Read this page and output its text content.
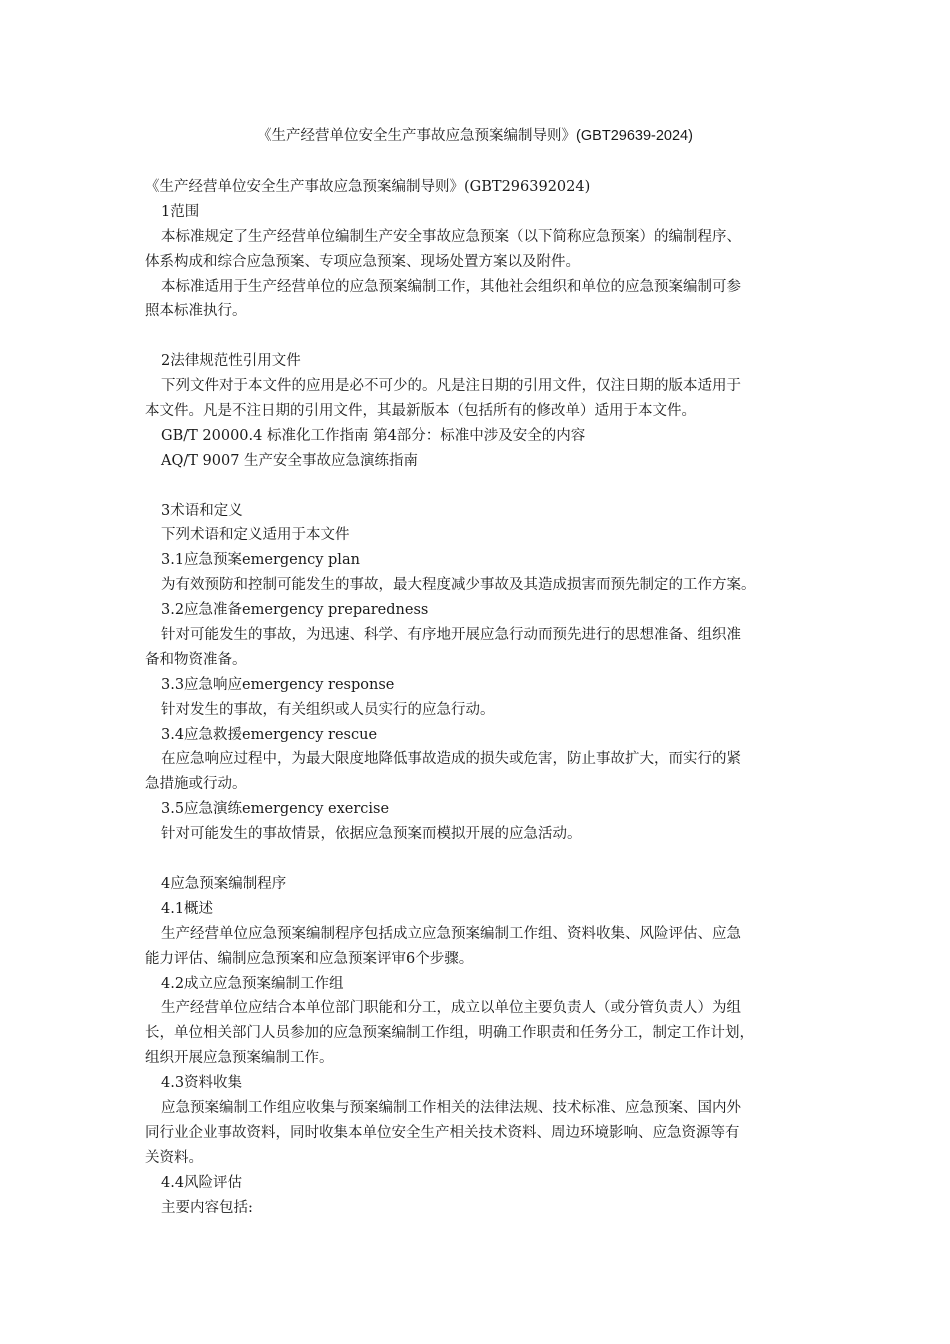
《生产经营单位安全生产事故应急预案编制导则》(GBT29639-2024)
《生产经营单位安全生产事故应急预案编制导则》(GBT296392024)
1范围
本标准规定了生产经营单位编制生产安全事故应急预案（以下简称应急预案）的编制程序、
体系构成和综合应急预案、专项应急预案、现场处置方案以及附件。
本标准适用于生产经营单位的应急预案编制工作，其他社会组织和单位的应急预案编制可参
照本标准执行。
2法律规范性引用文件
下列文件对于本文件的应用是必不可少的。凡是注日期的引用文件，仅注日期的版本适用于
本文件。凡是不注日期的引用文件，其最新版本（包括所有的修改单）适用于本文件。
GB/T 20000.4 标准化工作指南 第4部分：标准中涉及安全的内容
AQ/T 9007 生产安全事故应急演练指南
3术语和定义
下列术语和定义适用于本文件
3.1应急预案emergency plan
为有效预防和控制可能发生的事故，最大程度减少事故及其造成损害而预先制定的工作方案。
3.2应急准备emergency preparedness
针对可能发生的事故，为迅速、科学、有序地开展应急行动而预先进行的思想准备、组织准
备和物资准备。
3.3应急响应emergency response
针对发生的事故，有关组织或人员实行的应急行动。
3.4应急救援emergency rescue
在应急响应过程中，为最大限度地降低事故造成的损失或危害，防止事故扩大，而实行的紧
急措施或行动。
3.5应急演练emergency exercise
针对可能发生的事故情景，依据应急预案而模拟开展的应急活动。
4应急预案编制程序
4.1概述
生产经营单位应急预案编制程序包括成立应急预案编制工作组、资料收集、风险评估、应急
能力评估、编制应急预案和应急预案评审6个步骤。
4.2成立应急预案编制工作组
生产经营单位应结合本单位部门职能和分工，成立以单位主要负责人（或分管负责人）为组
长，单位相关部门人员参加的应急预案编制工作组，明确工作职责和任务分工，制定工作计划，
组织开展应急预案编制工作。
4.3资料收集
应急预案编制工作组应收集与预案编制工作相关的法律法规、技术标准、应急预案、国内外
同行业企业事故资料，同时收集本单位安全生产相关技术资料、周边环境影响、应急资源等有
关资料。
4.4风险评估
主要内容包括:
